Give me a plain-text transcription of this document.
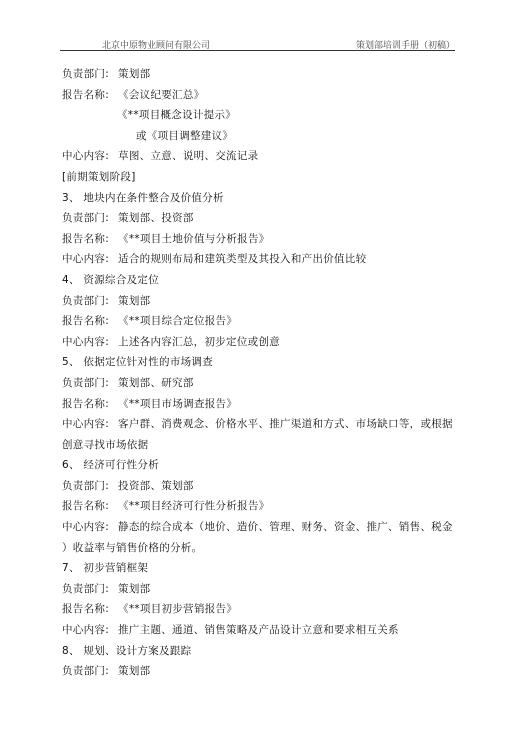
北京中原物业顾问有限公司	策划部培训手册（初稿）
负责部门: 策划部
报告名称: 《会议纪要汇总》
《**项目概念设计提示》
或《项目调整建议》
中心内容: 草图、立意、说明、交流记录
[前期策划阶段]
3、 地块内在条件整合及价值分析
负责部门: 策划部、投资部
报告名称: 《**项目土地价值与分析报告》
中心内容: 适合的规则布局和建筑类型及其投入和产出价值比较
4、 资源综合及定位
负责部门: 策划部
报告名称: 《**项目综合定位报告》
中心内容: 上述各内容汇总，初步定位或创意
5、 依据定位针对性的市场调查
负责部门: 策划部、研究部
报告名称: 《**项目市场调查报告》
中心内容: 客户群、消费观念、价格水平、推广渠道和方式、市场缺口等，或根据
创意寻找市场依据
6、 经济可行性分析
负责部门: 投资部、策划部
报告名称: 《**项目经济可行性分析报告》
中心内容: 静态的综合成本（地价、造价、管理、财务、资金、推广、销售、税金
）收益率与销售价格的分析。
7、 初步营销框架
负责部门: 策划部
报告名称: 《**项目初步营销报告》
中心内容: 推广主题、通道、销售策略及产品设计立意和要求相互关系
8、 规划、设计方案及跟踪
负责部门: 策划部
